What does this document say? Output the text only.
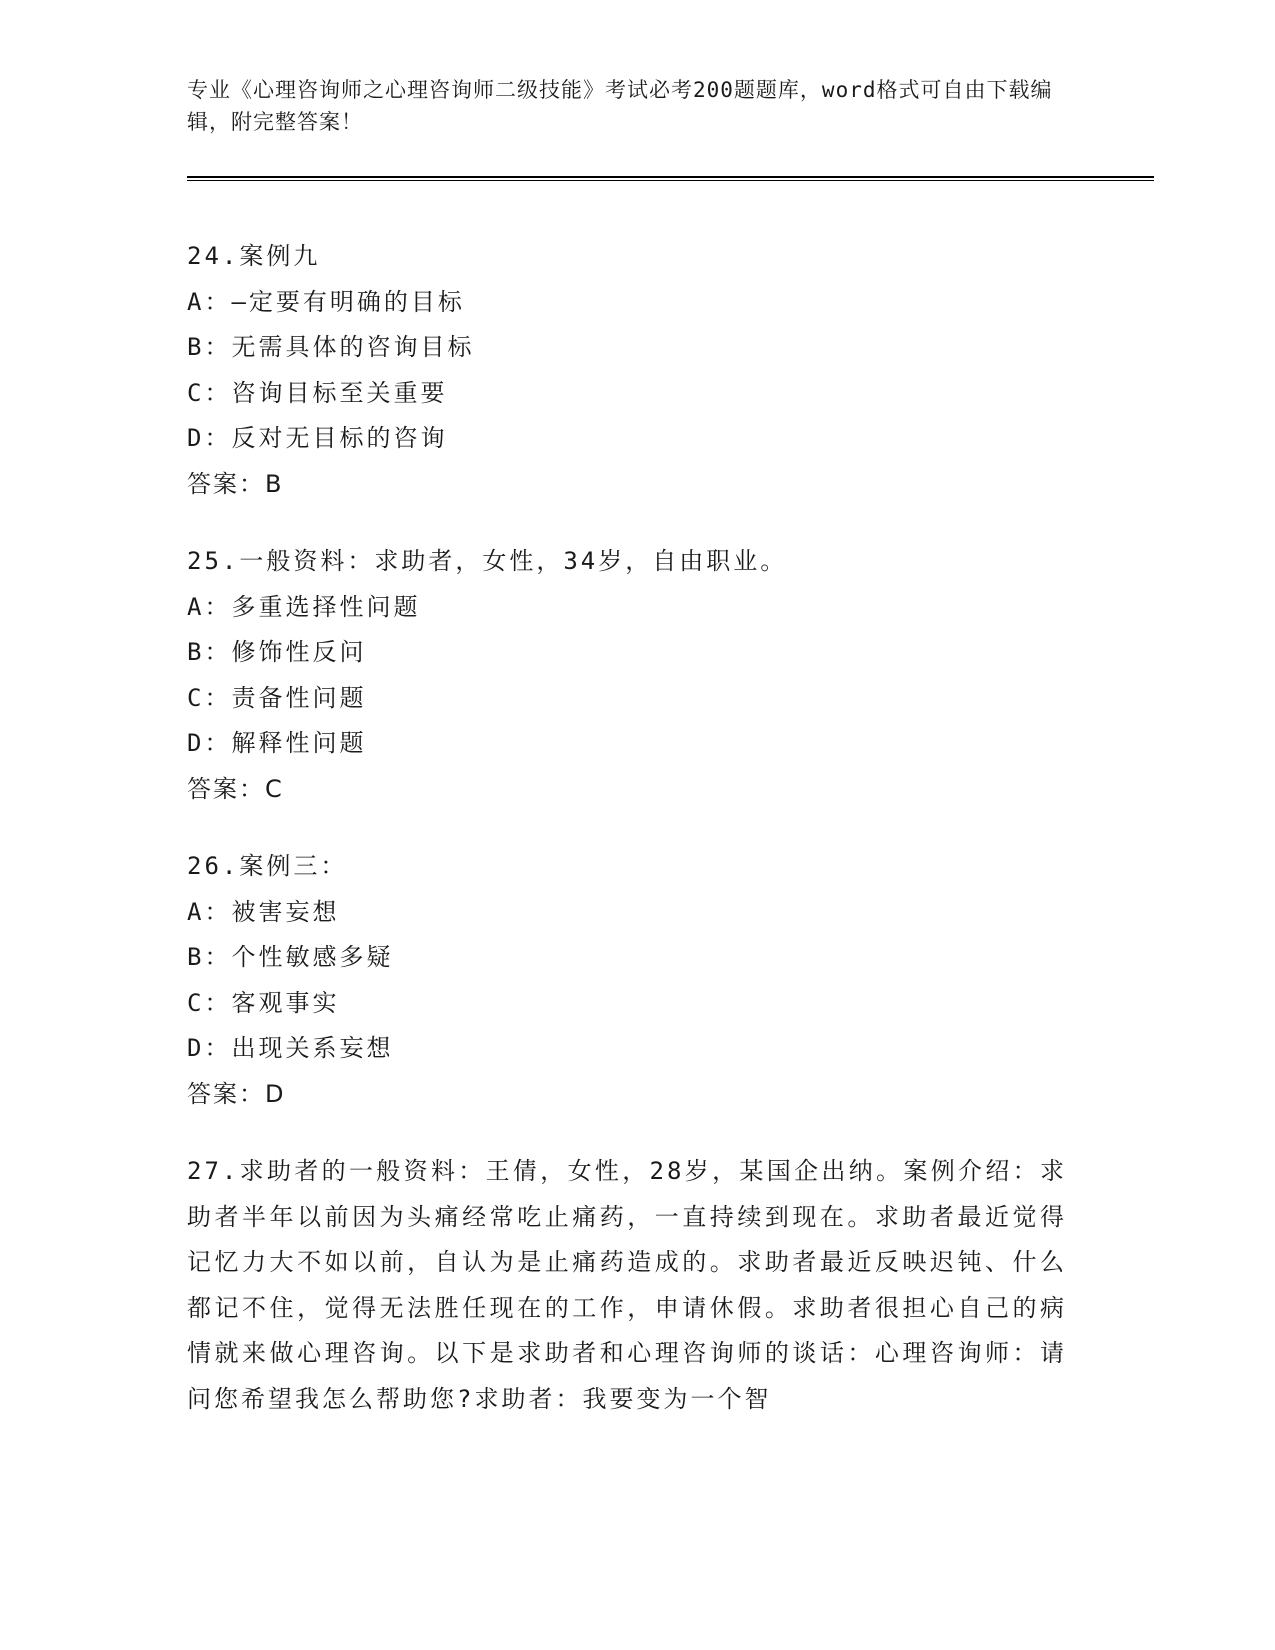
专业《心理咨询师之心理咨询师二级技能》考试必考200题题库，word格式可自由下载编辑，附完整答案！

24.案例九

A：—定要有明确的目标

B：无需具体的咨询目标

C：咨询目标至关重要

D：反对无目标的咨询

答案：B

25.一般资料：求助者，女性，34岁，自由职业。

A：多重选择性问题

B：修饰性反问

C：责备性问题

D：解释性问题

答案：C

26.案例三：

A：被害妄想

B：个性敏感多疑

C：客观事实

D：出现关系妄想

答案：D

27.求助者的一般资料：王倩，女性，28岁，某国企出纳。案例介绍：求助者半年以前因为头痛经常吃止痛药，一直持续到现在。求助者最近觉得记忆力大不如以前，自认为是止痛药造成的。求助者最近反映迟钝、什么都记不住，觉得无法胜任现在的工作，申请休假。求助者很担心自己的病情就来做心理咨询。以下是求助者和心理咨询师的谈话：心理咨询师：请问您希望我怎么帮助您?求助者：我要变为一个智
